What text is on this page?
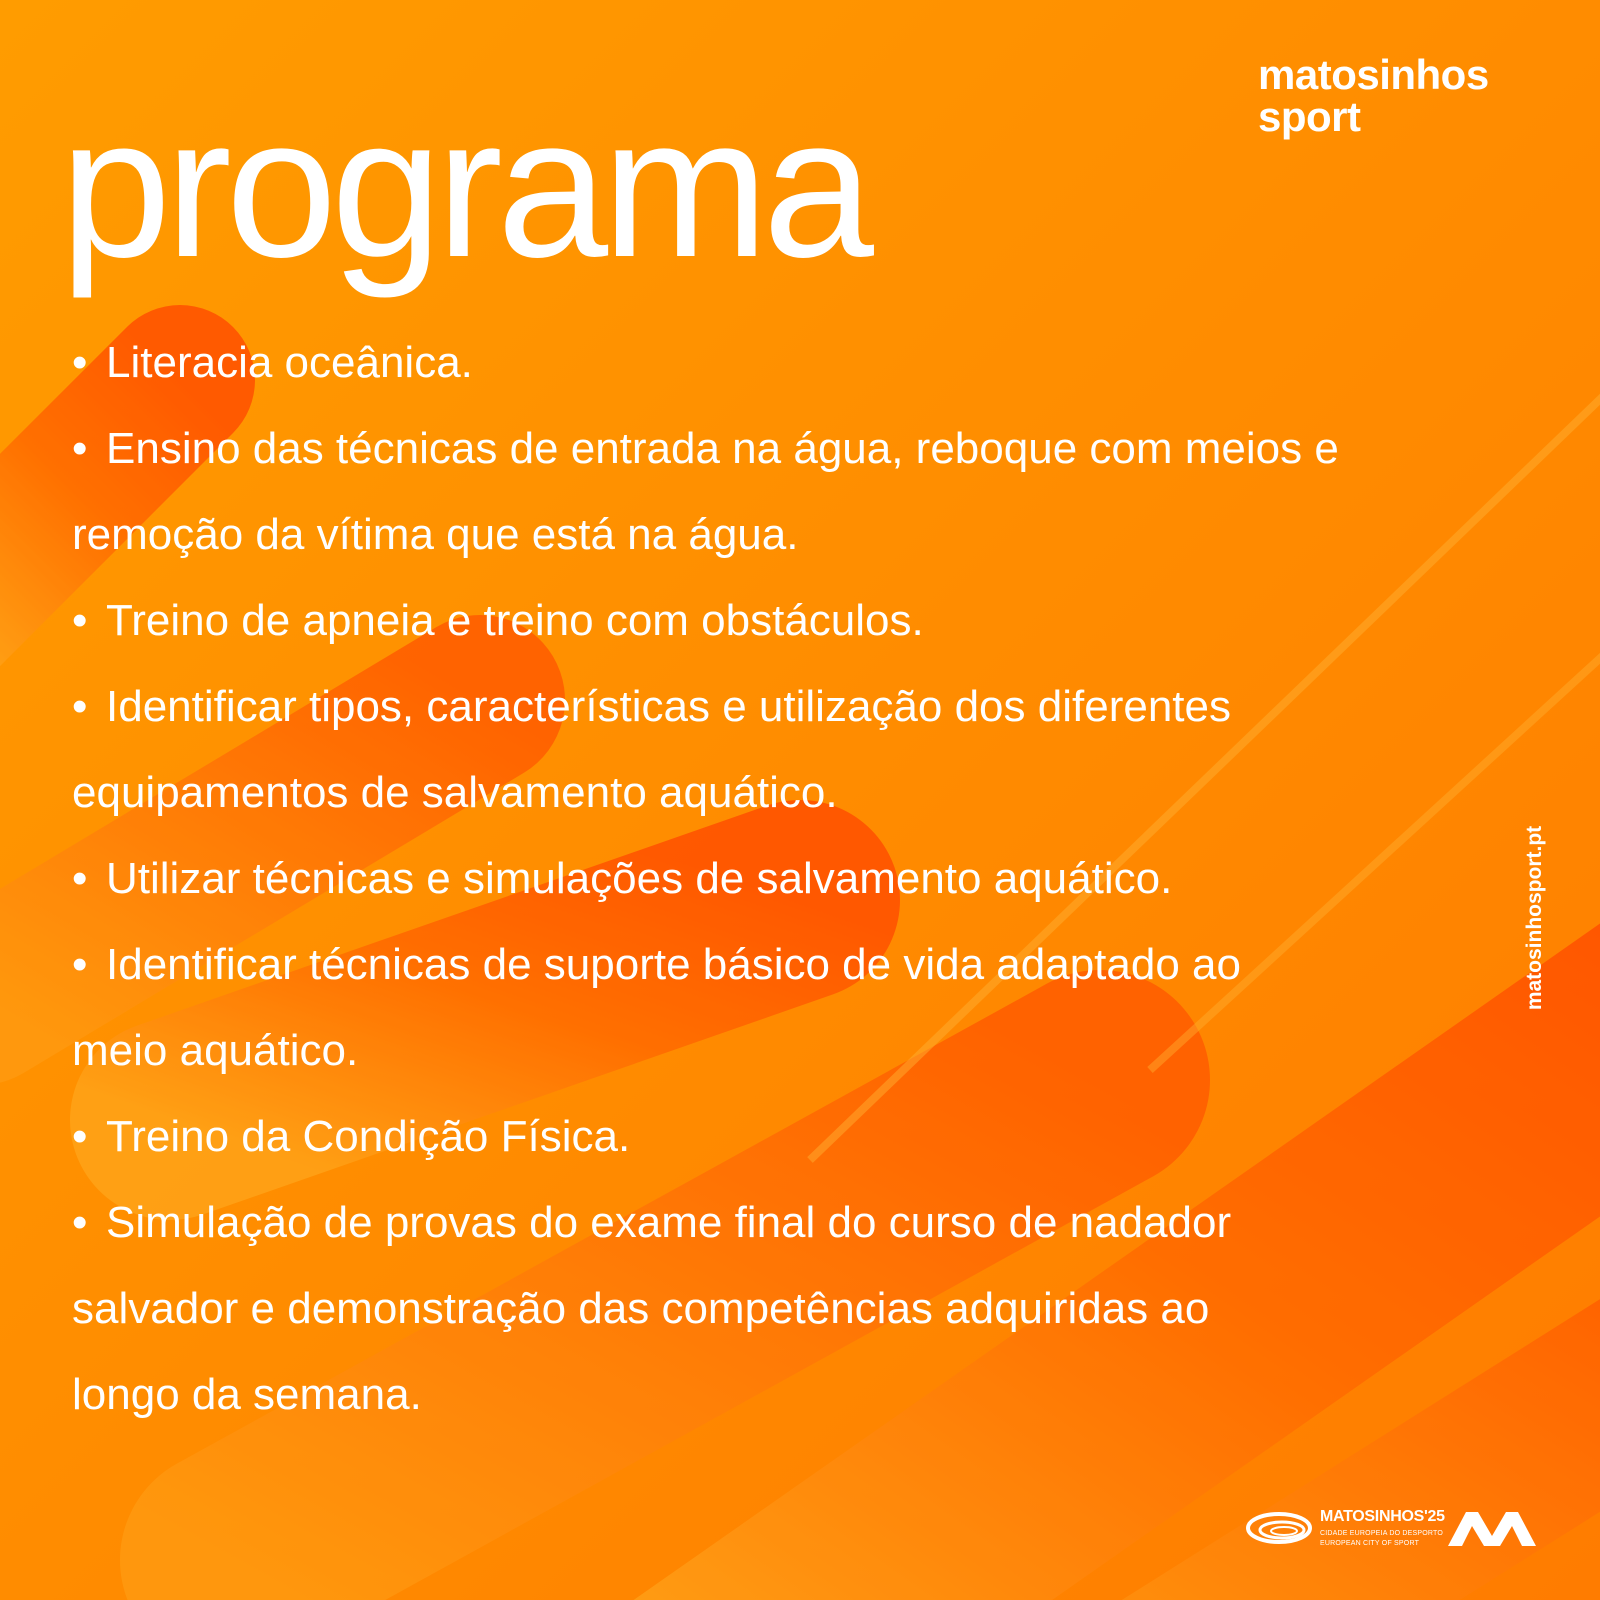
matosinhos
sport
programa
• Literacia oceânica.
• Ensino das técnicas de entrada na água, reboque com meios e
remoção da vítima que está na água.
• Treino de apneia e treino com obstáculos.
• Identificar tipos, características e utilização dos diferentes
equipamentos de salvamento aquático.
• Utilizar técnicas e simulações de salvamento aquático.
• Identificar técnicas de suporte básico de vida adaptado ao
meio aquático.
• Treino da Condição Física.
• Simulação de provas do exame final do curso de nadador
salvador e demonstração das competências adquiridas ao
longo da semana.
matosinhosport.pt
MATOSINHOS'25
CIDADE EUROPEIA DO DESPORTO
EUROPEAN CITY OF SPORT
